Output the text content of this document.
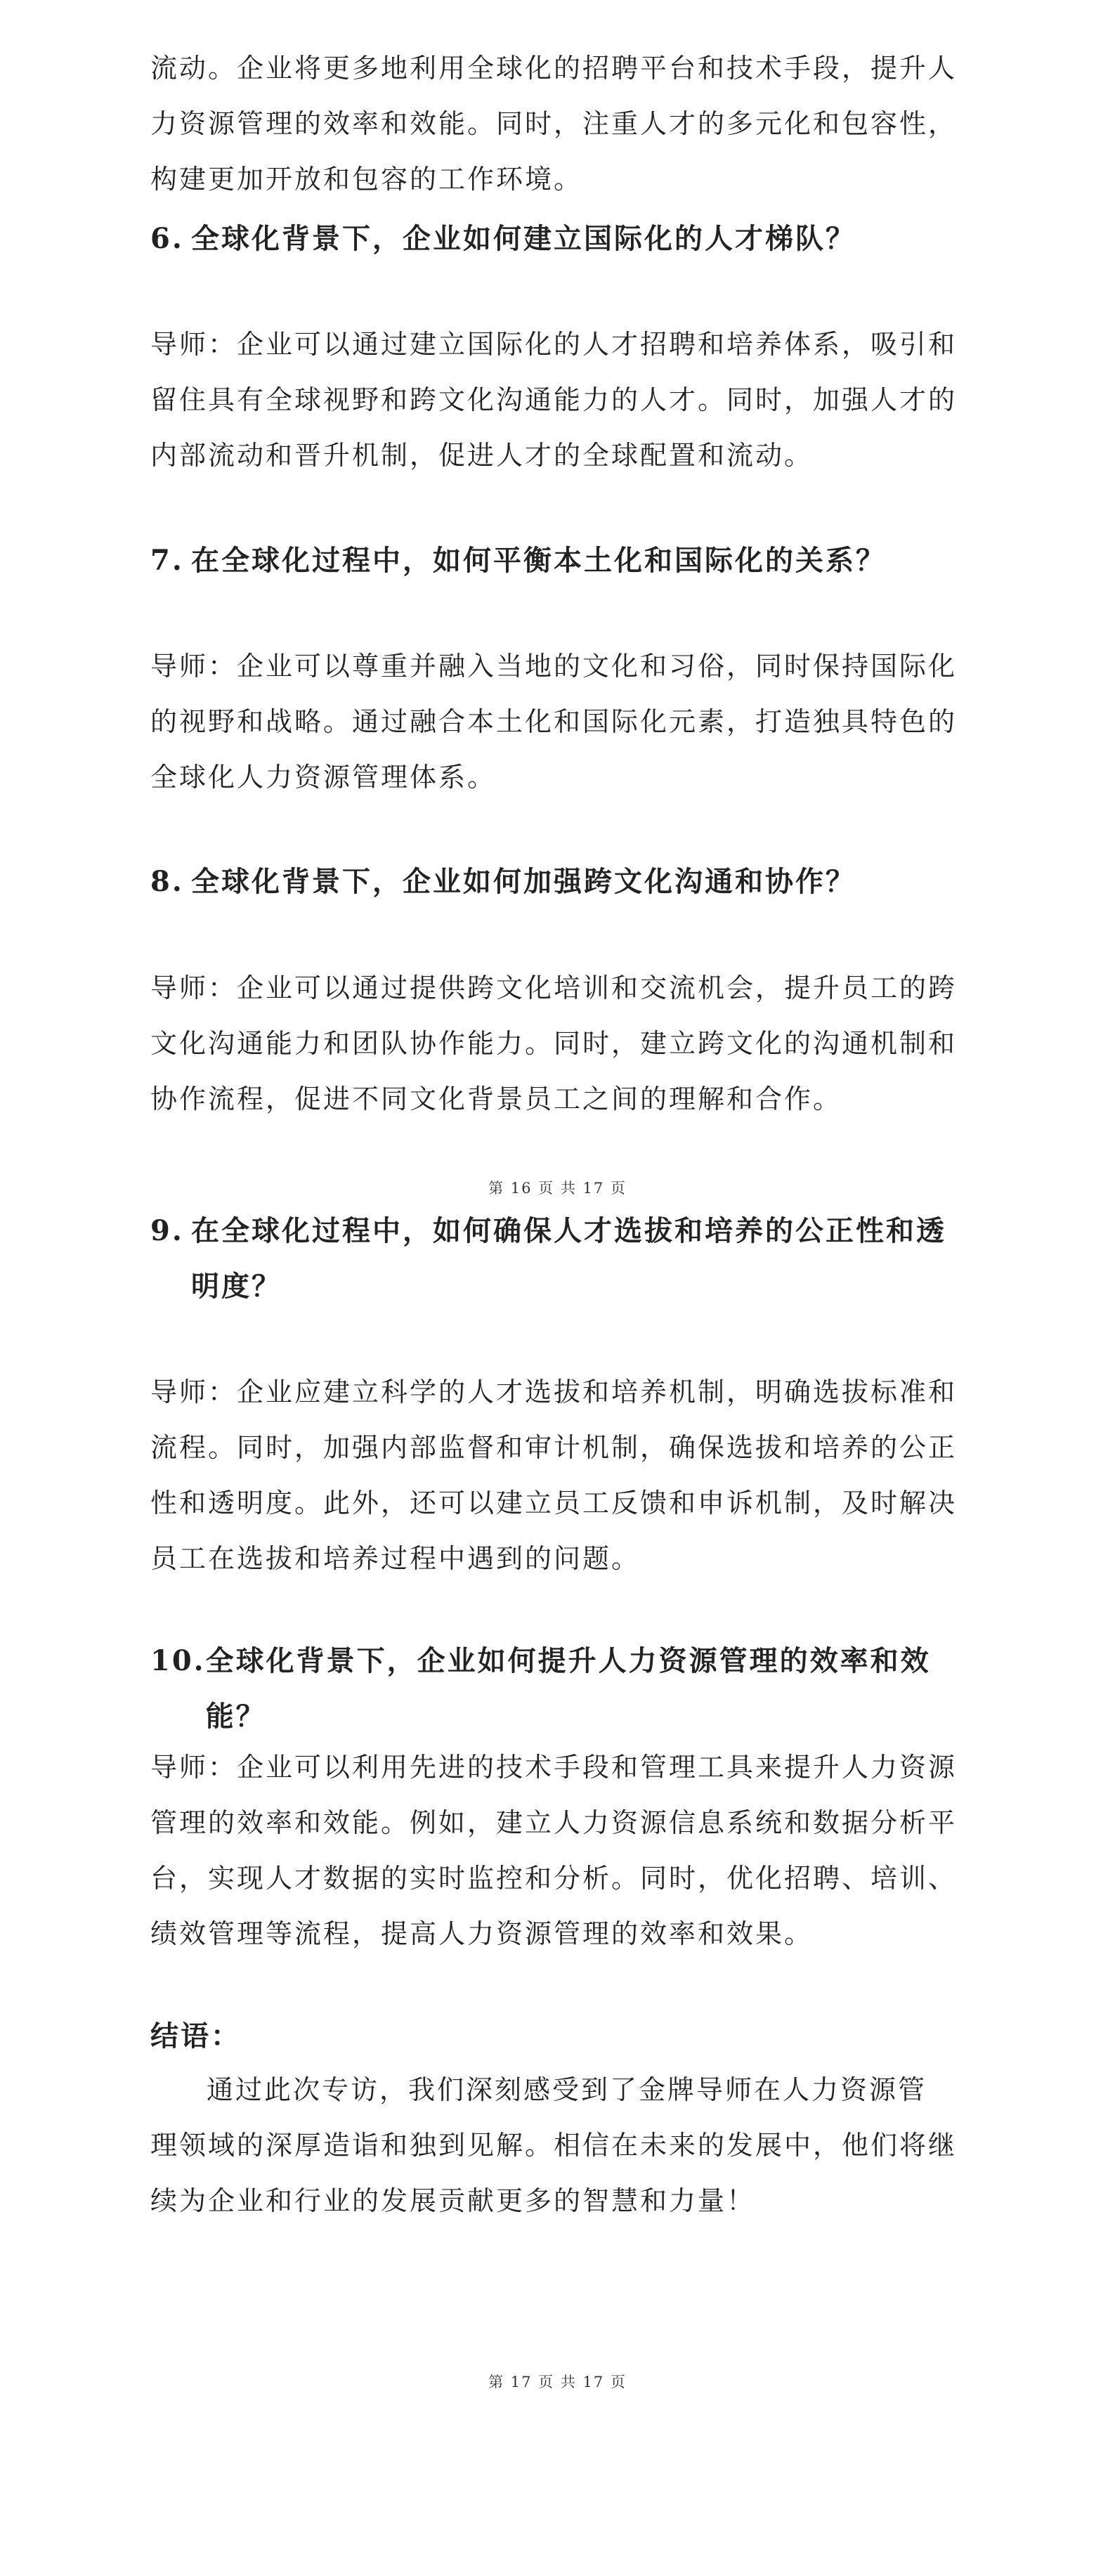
流动。企业将更多地利用全球化的招聘平台和技术手段，提升人
力资源管理的效率和效能。同时，注重人才的多元化和包容性，
构建更加开放和包容的工作环境。

6. 全球化背景下，企业如何建立国际化的人才梯队？

导师：企业可以通过建立国际化的人才招聘和培养体系，吸引和
留住具有全球视野和跨文化沟通能力的人才。同时，加强人才的
内部流动和晋升机制，促进人才的全球配置和流动。

7. 在全球化过程中，如何平衡本土化和国际化的关系？

导师：企业可以尊重并融入当地的文化和习俗，同时保持国际化
的视野和战略。通过融合本土化和国际化元素，打造独具特色的
全球化人力资源管理体系。

8. 全球化背景下，企业如何加强跨文化沟通和协作？

导师：企业可以通过提供跨文化培训和交流机会，提升员工的跨
文化沟通能力和团队协作能力。同时，建立跨文化的沟通机制和
协作流程，促进不同文化背景员工之间的理解和合作。

第 16 页 共 17 页
9. 在全球化过程中，如何确保人才选拔和培养的公正性和透
明度？

导师：企业应建立科学的人才选拔和培养机制，明确选拔标准和
流程。同时，加强内部监督和审计机制，确保选拔和培养的公正
性和透明度。此外，还可以建立员工反馈和申诉机制，及时解决
员工在选拔和培养过程中遇到的问题。

10. 全球化背景下，企业如何提升人力资源管理的效率和效能？

导师：企业可以利用先进的技术手段和管理工具来提升人力资源
管理的效率和效能。例如，建立人力资源信息系统和数据分析平
台，实现人才数据的实时监控和分析。同时，优化招聘、培训、
绩效管理等流程，提高人力资源管理的效率和效果。

结语：

通过此次专访，我们深刻感受到了金牌导师在人力资源管
理领域的深厚造诣和独到见解。相信在未来的发展中，他们将继
续为企业和行业的发展贡献更多的智慧和力量！

第 17 页 共 17 页
